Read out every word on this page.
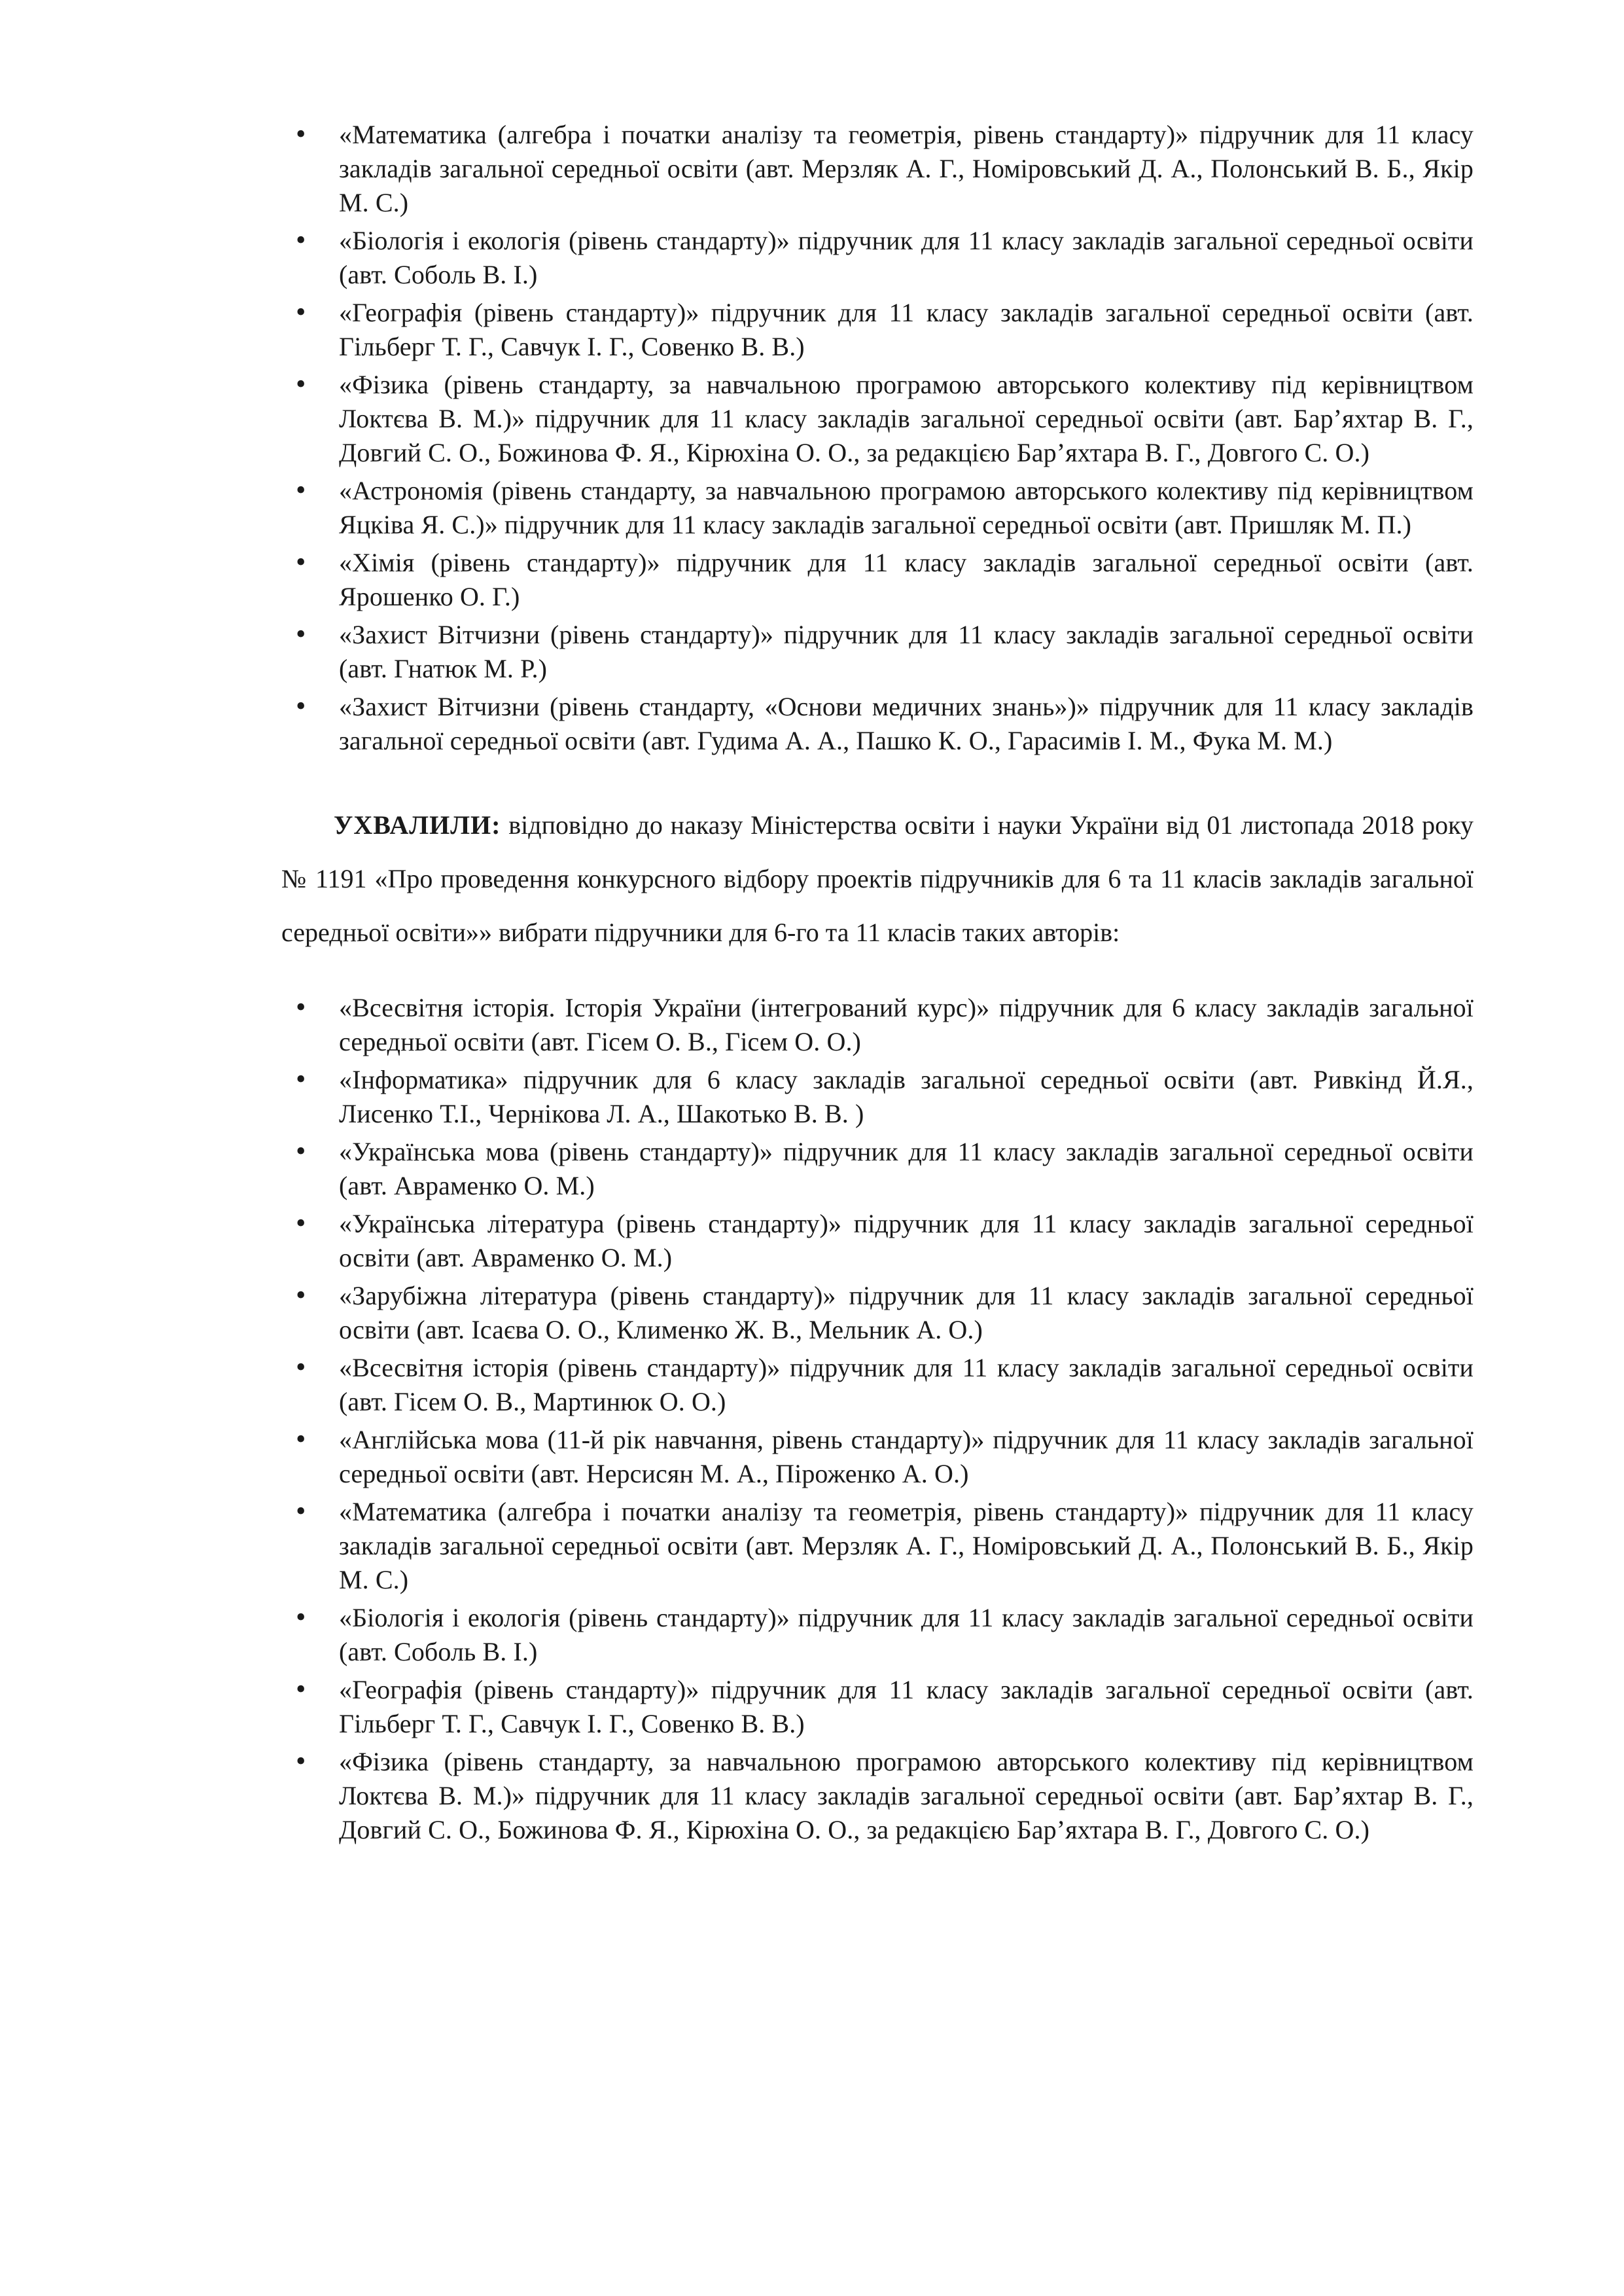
• «Математика (алгебра і початки аналізу та геометрія, рівень стандарту)» підручник для 11 класу закладів загальної середньої освіти (авт. Мерзляк А. Г., Номіровський Д. А., Полонський В. Б., Якір М. С.)
• «Біологія і екологія (рівень стандарту)» підручник для 11 класу закладів загальної середньої освіти (авт. Соболь В. І.)
• «Географія (рівень стандарту)» підручник для 11 класу закладів загальної середньої освіти (авт. Гільберг Т. Г., Савчук І. Г., Совенко В. В.)
• «Фізика (рівень стандарту, за навчальною програмою авторського колективу під керівництвом Локтєва В. М.)» підручник для 11 класу закладів загальної середньої освіти (авт. Бар’яхтар В. Г., Довгий С. О., Божинова Ф. Я., Кірюхіна О. О., за редакцією Бар’яхтара В. Г., Довгого С. О.)
• «Астрономія (рівень стандарту, за навчальною програмою авторського колективу під керівництвом Яцківа Я. С.)» підручник для 11 класу закладів загальної середньої освіти (авт. Пришляк М. П.)
• «Хімія (рівень стандарту)» підручник для 11 класу закладів загальної середньої освіти (авт. Ярошенко О. Г.)
• «Захист Вітчизни (рівень стандарту)» підручник для 11 класу закладів загальної середньої освіти (авт. Гнатюк М. Р.)
• «Захист Вітчизни (рівень стандарту, «Основи медичних знань»)» підручник для 11 класу закладів загальної середньої освіти (авт. Гудима А. А., Пашко К. О., Гарасимів І. М., Фука М. М.)

УХВАЛИЛИ: відповідно до наказу Міністерства освіти і науки України від 01 листопада 2018 року № 1191 «Про проведення конкурсного відбору проектів підручників для 6 та 11 класів закладів загальної середньої освіти»» вибрати підручники для 6-го та 11 класів таких авторів:

• «Всесвітня історія. Історія України (інтегрований курс)» підручник для 6 класу закладів загальної середньої освіти (авт. Гісем О. В., Гісем О. О.)
• «Інформатика» підручник для 6 класу закладів загальної середньої освіти (авт. Ривкінд Й.Я., Лисенко Т.І., Чернікова Л. А., Шакотько В. В. )
• «Українська мова (рівень стандарту)» підручник для 11 класу закладів загальної середньої освіти (авт. Авраменко О. М.)
• «Українська література (рівень стандарту)» підручник для 11 класу закладів загальної середньої освіти (авт. Авраменко О. М.)
• «Зарубіжна література (рівень стандарту)» підручник для 11 класу закладів загальної середньої освіти (авт. Ісаєва О. О., Клименко Ж. В., Мельник А. О.)
• «Всесвітня історія (рівень стандарту)» підручник для 11 класу закладів загальної середньої освіти (авт. Гісем О. В., Мартинюк О. О.)
• «Англійська мова (11-й рік навчання, рівень стандарту)» підручник для 11 класу закладів загальної середньої освіти (авт. Нерсисян М. А., Піроженко А. О.)
• «Математика (алгебра і початки аналізу та геометрія, рівень стандарту)» підручник для 11 класу закладів загальної середньої освіти (авт. Мерзляк А. Г., Номіровський Д. А., Полонський В. Б., Якір М. С.)
• «Біологія і екологія (рівень стандарту)» підручник для 11 класу закладів загальної середньої освіти (авт. Соболь В. І.)
• «Географія (рівень стандарту)» підручник для 11 класу закладів загальної середньої освіти (авт. Гільберг Т. Г., Савчук І. Г., Совенко В. В.)
• «Фізика (рівень стандарту, за навчальною програмою авторського колективу під керівництвом Локтєва В. М.)» підручник для 11 класу закладів загальної середньої освіти (авт. Бар’яхтар В. Г., Довгий С. О., Божинова Ф. Я., Кірюхіна О. О., за редакцією Бар’яхтара В. Г., Довгого С. О.)
